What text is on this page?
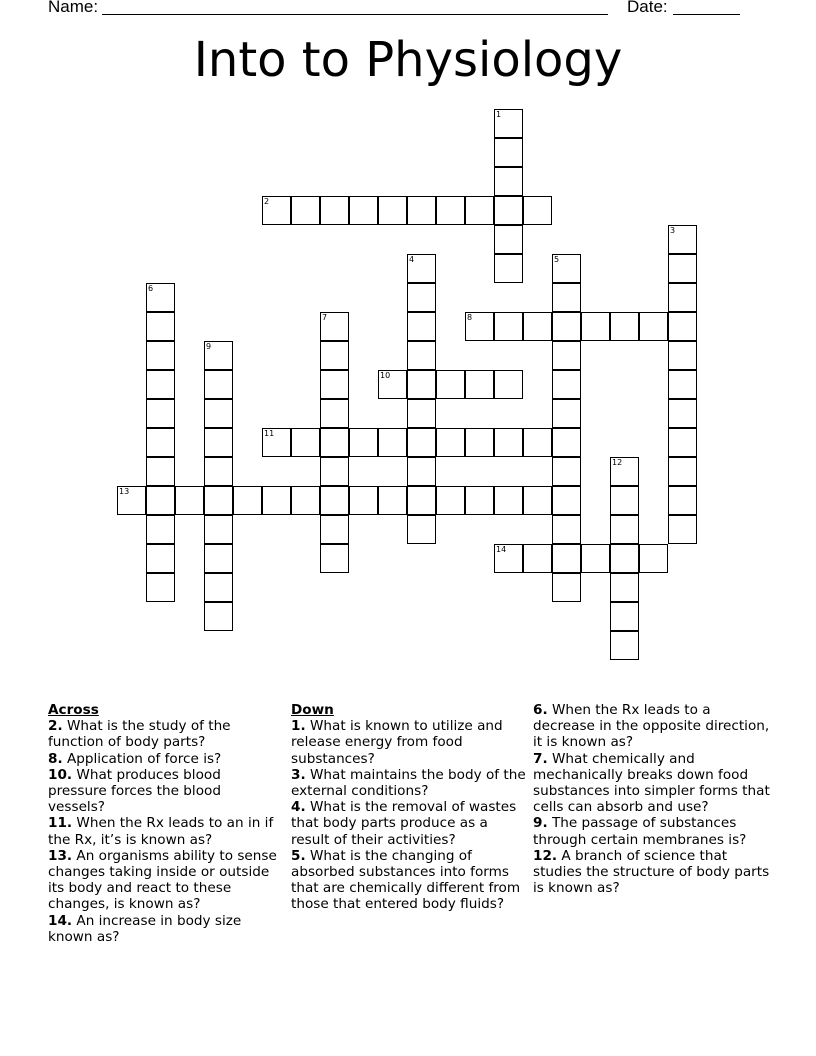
Name:	Date:
Into to Physiology
1
2
3
4	5
6
7	8
9
10
11
12
13
14
Across

2. What is the study of the function of body parts?

8. Application of force is?

10. What produces blood pressure forces the blood vessels?

11. When the Rx leads to an in if the Rx, it’s is known as?

13. An organisms ability to sense changes taking inside or outside its body and react to these changes, is known as?

14. An increase in body size known as?

Down

1. What is known to utilize and release energy from food substances?

3. What maintains the body of the external conditions?

4. What is the removal of wastes that body parts produce as a result of their activities?

5. What is the changing of absorbed substances into forms that are chemically different from those that entered body fluids?

6. When the Rx leads to a decrease in the opposite direction, it is known as?

7. What chemically and mechanically breaks down food substances into simpler forms that cells can absorb and use?

9. The passage of substances through certain membranes is?

12. A branch of science that studies the structure of body parts is known as?
